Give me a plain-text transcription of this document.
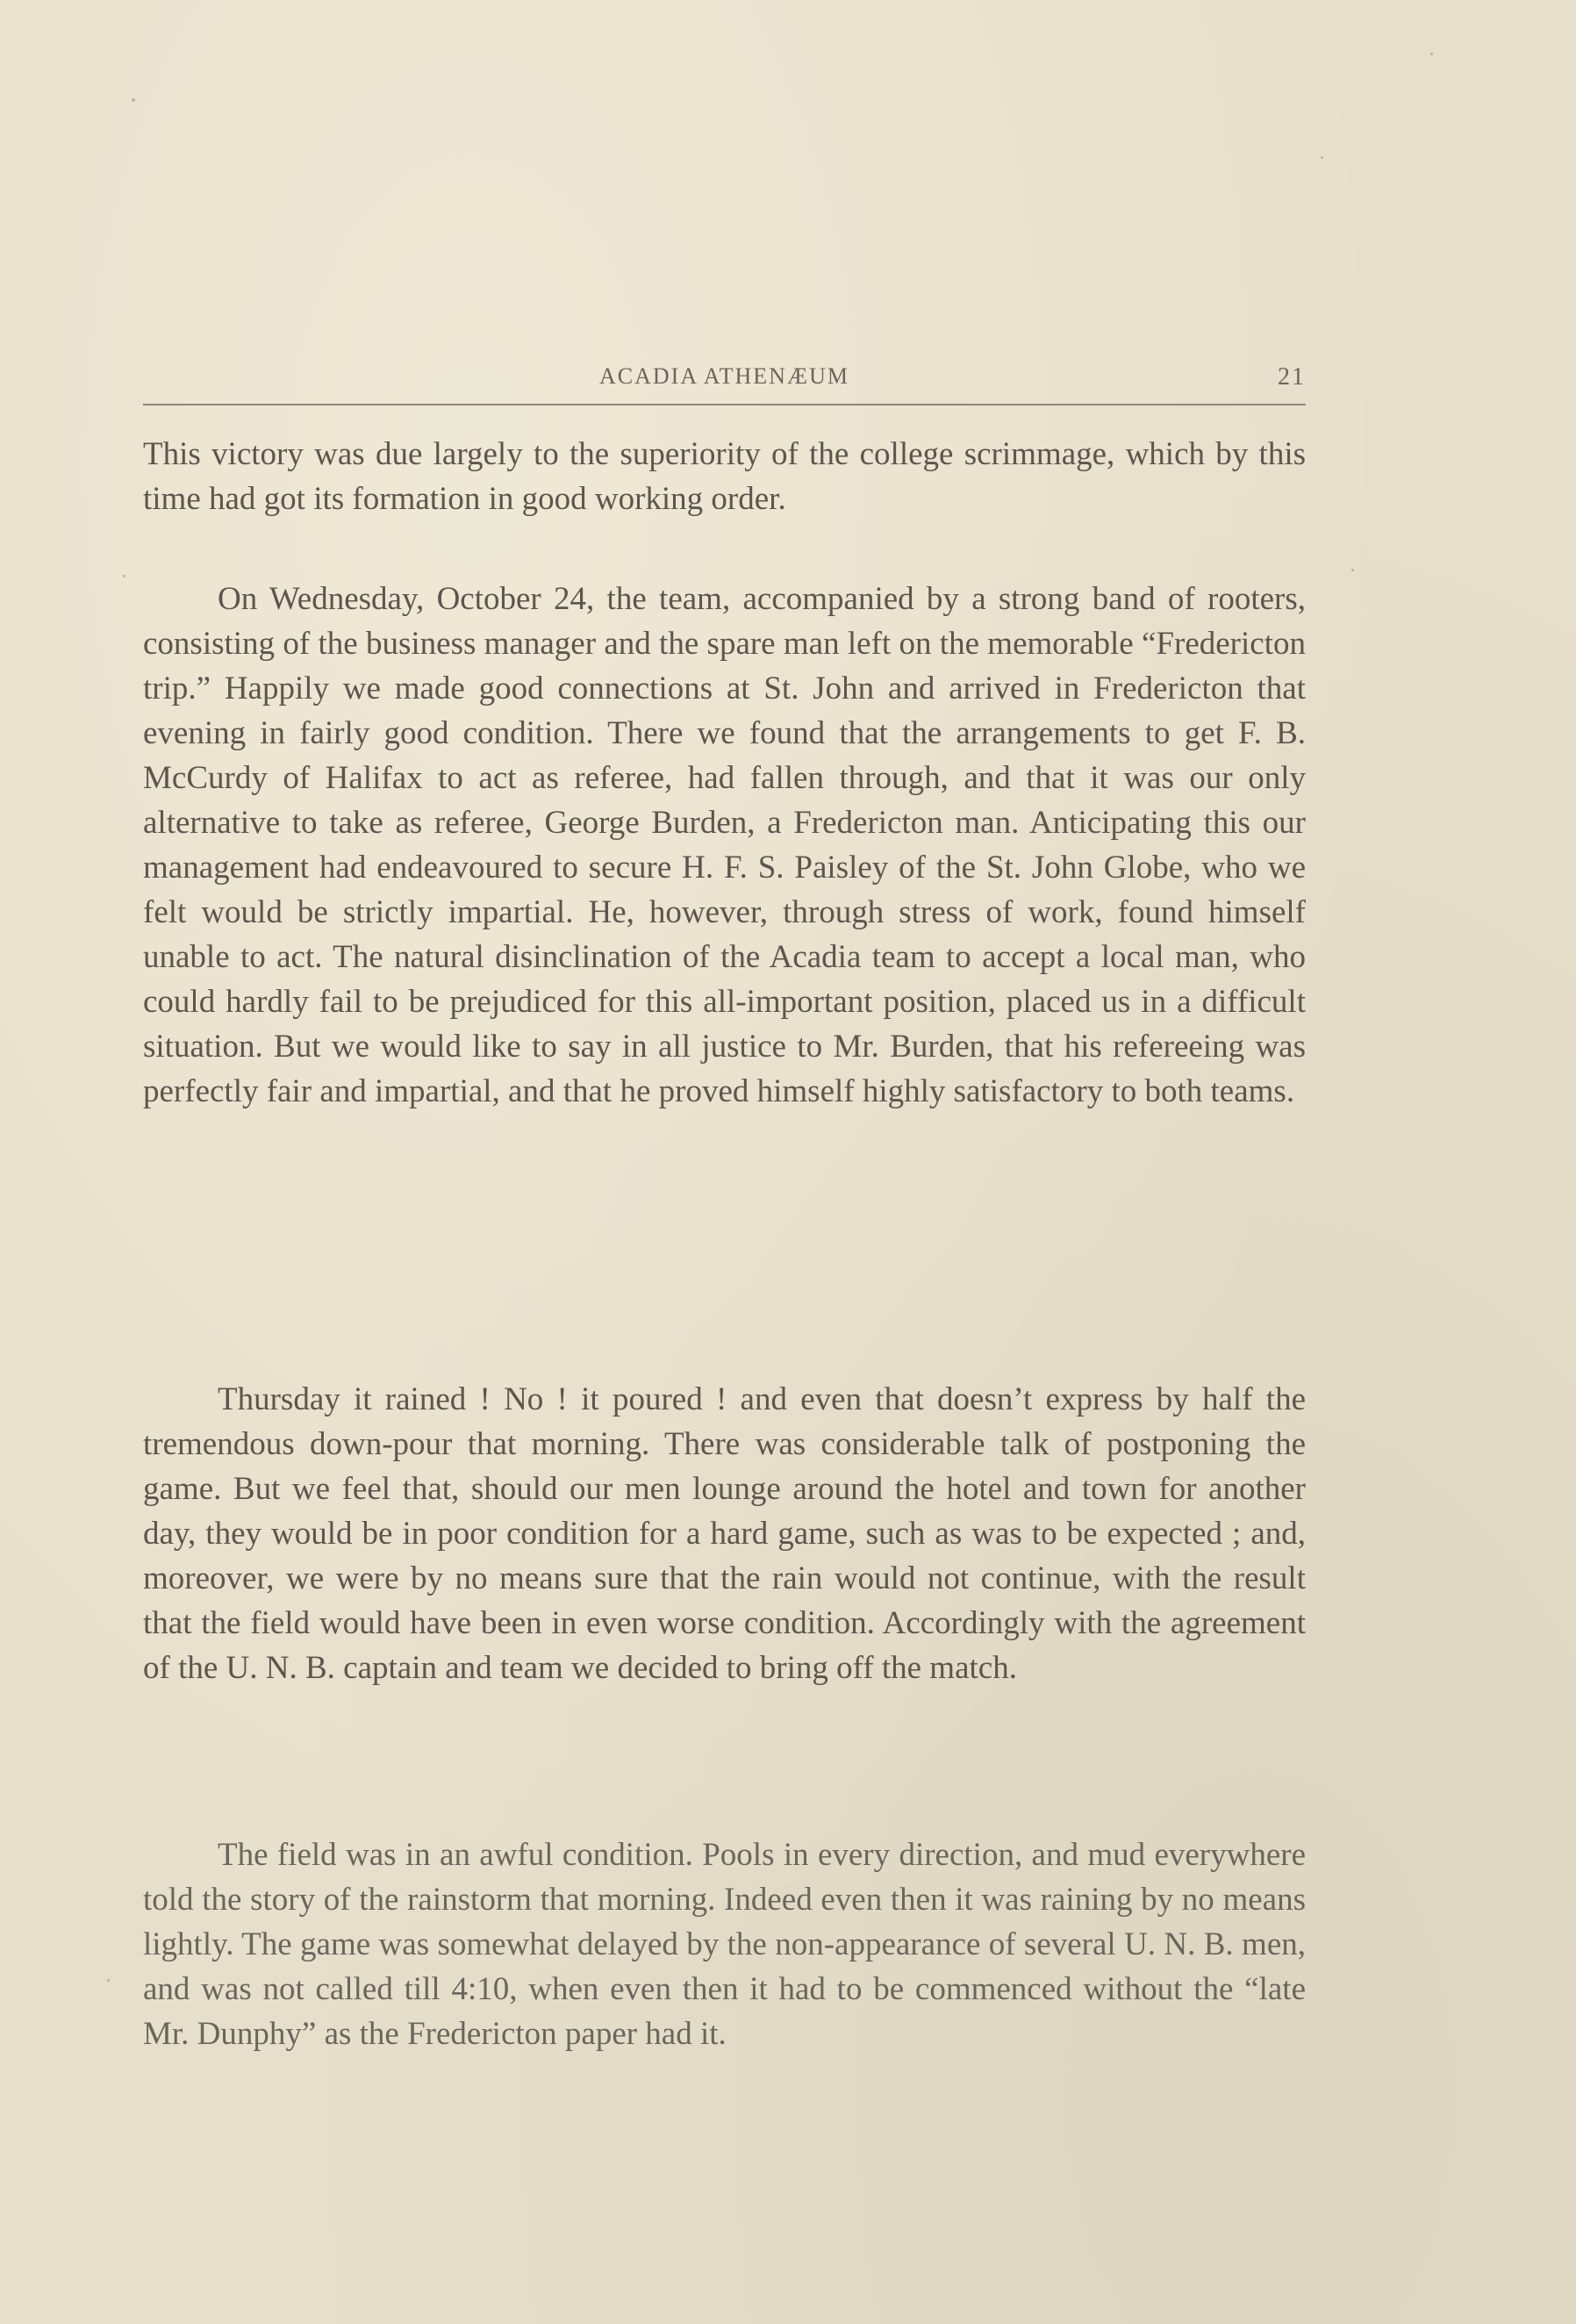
ACADIA ATHENÆUM	21

This victory was due largely to the superiority of the college scrimmage, which by this time had got its formation in good working order.

On Wednesday, October 24, the team, accompanied by a strong band of rooters, consisting of the business manager and the spare man left on the memorable “Fredericton trip.” Happily we made good connections at St. John and arrived in Fredericton that evening in fairly good condition. There we found that the arrangements to get F. B. McCurdy of Halifax to act as referee, had fallen through, and that it was our only alternative to take as referee, George Burden, a Fredericton man. Anticipating this our management had endeavoured to secure H. F. S. Paisley of the St. John Globe, who we felt would be strictly impartial. He, however, through stress of work, found himself unable to act. The natural disinclination of the Acadia team to accept a local man, who could hardly fail to be prejudiced for this all-important position, placed us in a difficult situation. But we would like to say in all justice to Mr. Burden, that his refereeing was perfectly fair and impartial, and that he proved himself highly satisfactory to both teams.

Thursday it rained ! No ! it poured ! and even that doesn’t express by half the tremendous down-pour that morning. There was considerable talk of postponing the game. But we feel that, should our men lounge around the hotel and town for another day, they would be in poor condition for a hard game, such as was to be expected ; and, moreover, we were by no means sure that the rain would not continue, with the result that the field would have been in even worse condition. Accordingly with the agreement of the U. N. B. captain and team we decided to bring off the match.

The field was in an awful condition. Pools in every direction, and mud everywhere told the story of the rainstorm that morning. Indeed even then it was raining by no means lightly. The game was somewhat delayed by the non-appearance of several U. N. B. men, and was not called till 4:10, when even then it had to be commenced without the “late Mr. Dunphy” as the Fredericton paper had it.
